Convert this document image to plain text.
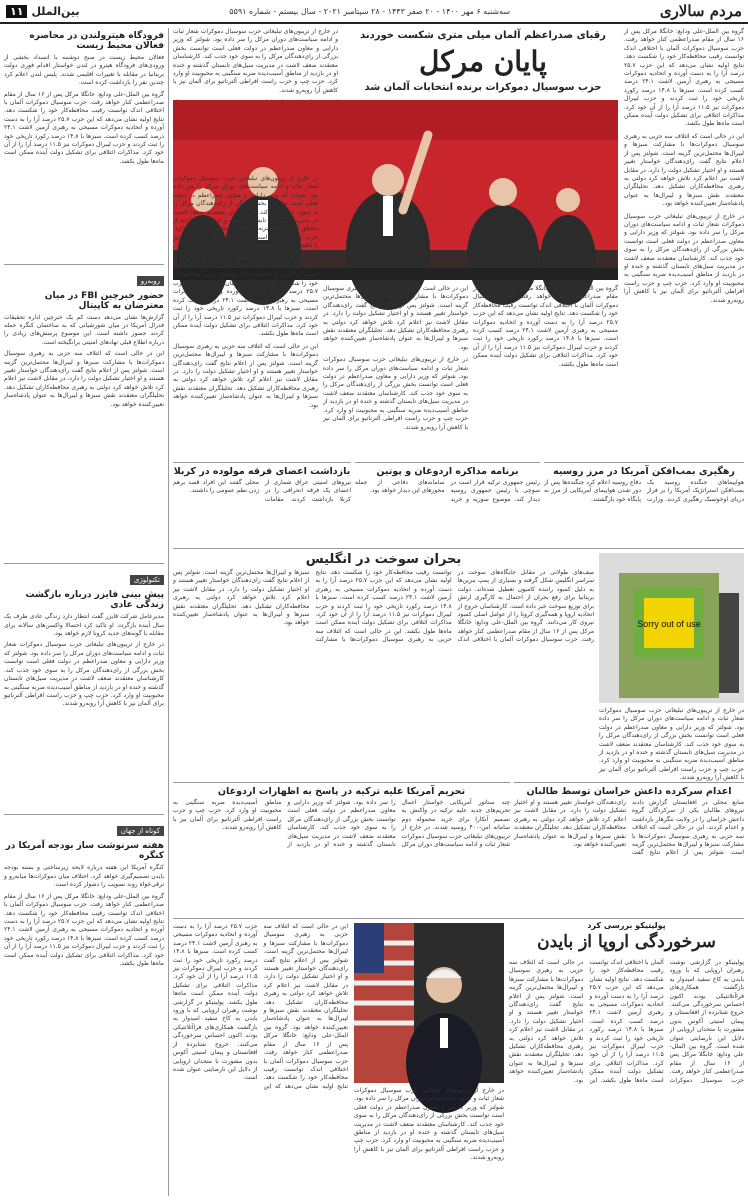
مردم سالاری
سه‌شنبه ۶ مهر ۱۴۰۰ - ۲۰ صفر ۱۴۴۳ - ۲۸ سپتامبر ۲۰۲۱ - سال بیستم - شماره ۵۵۹۱
بین‌الملل
۱۱
گروه بین الملل-علی ودایع: خانگلا مرکل پس از ۱۶ سال از مقام صدراعظمی کنار خواهد رفت. حزب سوسیال دموکرات آلمان با اختلافی اندک توانست رقیب محافظه‌کار خود را شکست دهد. نتایج اولیه نشان می‌دهد که این حزب ۲۵.۷ درصد آرا را به دست آورده و اتحادیه دموکرات مسیحی به رهبری آرمین لاشت ۲۴.۱ درصد کسب کرده است. سبزها با ۱۴.۸ درصد رکورد تاریخی خود را ثبت کردند و حزب لیبرال دموکرات نیز ۱۱.۵ درصد آرا را از آن خود کرد. مذاکرات ائتلافی برای تشکیل دولت آینده ممکن است ماه‌ها طول بکشد.
این در حالی است که ائتلاف سه حزبی به رهبری سوسیال دموکرات‌ها با مشارکت سبزها و لیبرال‌ها محتمل‌ترین گزینه است. شولتز پس از اعلام نتایج گفت رای‌دهندگان خواستار تغییر هستند و او اختیار تشکیل دولت را دارد. در مقابل لاشت نیز اعلام کرد تلاش خواهد کرد دولتی به رهبری محافظه‌کاران تشکیل دهد. تحلیلگران معتقدند نقش سبزها و لیبرال‌ها به عنوان پادشاه‌ساز تعیین‌کننده خواهد بود.
در خارج از تریبون‌های تبلیغاتی حزب سوسیال دموکرات شعار ثبات و ادامه سیاست‌های دوران مرکل را سر داده بود. شولتز که وزیر دارایی و معاون صدراعظم در دولت فعلی است توانست بخش بزرگی از رای‌دهندگان مرکل را به سوی خود جذب کند. کارشناسان معتقدند ضعف لاشت در مدیریت سیل‌های تابستان گذشته و خنده او در بازدید از مناطق آسیب‌دیده ضربه سنگینی به محبوبیت او وارد کرد. حزب چپ و حزب راست افراطی آلترناتیو برای آلمان نیز با کاهش آرا روبه‌رو شدند.
رقبای صدراعظم آلمان میلی متری شکست خوردند
پایان مرکل
حزب سوسیال دموکرات برنده انتخابات آلمان شد
در خارج از تریبون‌های تبلیغاتی حزب سوسیال دموکرات شعار ثبات و ادامه سیاست‌های دوران مرکل را سر داده بود. شولتز که وزیر دارایی و معاون صدراعظم در دولت فعلی است توانست بخش بزرگی از رای‌دهندگان مرکل را به سوی خود جذب کند. کارشناسان معتقدند ضعف لاشت در مدیریت سیل‌های تابستان گذشته و خنده او در بازدید از مناطق آسیب‌دیده ضربه سنگینی به محبوبیت او وارد کرد. حزب چپ و حزب راست افراطی آلترناتیو برای آلمان نیز با کاهش آرا روبه‌رو شدند.
گروه بین الملل-علی ودایع: خانگلا مرکل پس از ۱۶ سال از مقام صدراعظمی کنار خواهد رفت. حزب سوسیال دموکرات آلمان با اختلافی اندک توانست رقیب محافظه‌کار خود را شکست دهد. نتایج اولیه نشان می‌دهد که این حزب ۲۵.۷ درصد آرا را به دست آورده و اتحادیه دموکرات مسیحی به رهبری آرمین لاشت ۲۴.۱ درصد کسب کرده است. سبزها با ۱۴.۸ درصد رکورد تاریخی خود را ثبت کردند و حزب لیبرال دموکرات نیز ۱۱.۵ درصد آرا را از آن خود کرد. مذاکرات ائتلافی برای تشکیل دولت آینده ممکن است ماه‌ها طول بکشد.
این در حالی است که ائتلاف سه حزبی به رهبری سوسیال دموکرات‌ها با مشارکت سبزها و لیبرال‌ها محتمل‌ترین گزینه است. شولتز پس از اعلام نتایج گفت رای‌دهندگان خواستار تغییر هستند و او اختیار تشکیل دولت را دارد. در مقابل لاشت نیز اعلام کرد تلاش خواهد کرد دولتی به رهبری محافظه‌کاران تشکیل دهد. تحلیلگران معتقدند نقش سبزها و لیبرال‌ها به عنوان پادشاه‌ساز تعیین‌کننده خواهد بود.
در خارج از تریبون‌های تبلیغاتی حزب سوسیال دموکرات شعار ثبات و ادامه سیاست‌های دوران مرکل را سر داده بود. شولتز که وزیر دارایی و معاون صدراعظم در دولت فعلی است توانست بخش بزرگی از رای‌دهندگان مرکل را به سوی خود جذب کند. کارشناسان معتقدند ضعف لاشت در مدیریت سیل‌های تابستان گذشته و خنده او در بازدید از مناطق آسیب‌دیده ضربه سنگینی به محبوبیت او وارد کرد. حزب چپ و حزب راست افراطی آلترناتیو برای آلمان نیز با کاهش آرا روبه‌رو شدند.
در خارج از تریبون‌های تبلیغاتی حزب سوسیال دموکرات شعار ثبات و ادامه سیاست‌های دوران مرکل را سر داده بود. شولتز که وزیر دارایی و معاون صدراعظم در دولت فعلی است توانست بخش بزرگی از رای‌دهندگان مرکل را به سوی خود جذب کند. کارشناسان معتقدند ضعف لاشت در مدیریت سیل‌های تابستان گذشته و خنده او در بازدید از مناطق آسیب‌دیده ضربه سنگینی به محبوبیت او وارد کرد. حزب چپ و حزب راست افراطی آلترناتیو برای آلمان نیز با کاهش آرا روبه‌رو شدند.
گروه بین الملل-علی ودایع: خانگلا مرکل پس از ۱۶ سال از مقام صدراعظمی کنار خواهد رفت. حزب سوسیال دموکرات آلمان با اختلافی اندک توانست رقیب محافظه‌کار خود را شکست دهد. نتایج اولیه نشان می‌دهد که این حزب ۲۵.۷ درصد آرا را به دست آورده و اتحادیه دموکرات مسیحی به رهبری آرمین لاشت ۲۴.۱ درصد کسب کرده است. سبزها با ۱۴.۸ درصد رکورد تاریخی خود را ثبت کردند و حزب لیبرال دموکرات نیز ۱۱.۵ درصد آرا را از آن خود کرد. مذاکرات ائتلافی برای تشکیل دولت آینده ممکن است ماه‌ها طول بکشد.
این در حالی است که ائتلاف سه حزبی به رهبری سوسیال دموکرات‌ها با مشارکت سبزها و لیبرال‌ها محتمل‌ترین گزینه است. شولتز پس از اعلام نتایج گفت رای‌دهندگان خواستار تغییر هستند و او اختیار تشکیل دولت را دارد. در مقابل لاشت نیز اعلام کرد تلاش خواهد کرد دولتی به رهبری محافظه‌کاران تشکیل دهد. تحلیلگران معتقدند نقش سبزها و لیبرال‌ها به عنوان پادشاه‌ساز تعیین‌کننده خواهد بود.
فرودگاه هیترولندن در محاصره فعالان محیط زیست
فعالان محیط زیست در صبح دوشنبه با انسداد بخشی از ورودی‌های فرودگاه هیترو در لندن خواستار اقدام فوری دولت بریتانیا در مقابله با تغییرات اقلیمی شدند. پلیس لندن اعلام کرد چندین نفر را بازداشت کرده است.
گروه بین الملل-علی ودایع: خانگلا مرکل پس از ۱۶ سال از مقام صدراعظمی کنار خواهد رفت. حزب سوسیال دموکرات آلمان با اختلافی اندک توانست رقیب محافظه‌کار خود را شکست دهد. نتایج اولیه نشان می‌دهد که این حزب ۲۵.۷ درصد آرا را به دست آورده و اتحادیه دموکرات مسیحی به رهبری آرمین لاشت ۲۴.۱ درصد کسب کرده است. سبزها با ۱۴.۸ درصد رکورد تاریخی خود را ثبت کردند و حزب لیبرال دموکرات نیز ۱۱.۵ درصد آرا را از آن خود کرد. مذاکرات ائتلافی برای تشکیل دولت آینده ممکن است ماه‌ها طول بکشد.
روبه‌رو
حضور خبرچین FBI در میان معترضان به کاپیتال
گزارش‌ها نشان می‌دهد دست کم یک خبرچین اداره تحقیقات فدرال آمریکا در میان شورشیانی که به ساختمان کنگره حمله کردند حضور داشته است. این موضوع پرسش‌های زیادی را درباره اطلاع قبلی نهادهای امنیتی برانگیخته است.
این در حالی است که ائتلاف سه حزبی به رهبری سوسیال دموکرات‌ها با مشارکت سبزها و لیبرال‌ها محتمل‌ترین گزینه است. شولتز پس از اعلام نتایج گفت رای‌دهندگان خواستار تغییر هستند و او اختیار تشکیل دولت را دارد. در مقابل لاشت نیز اعلام کرد تلاش خواهد کرد دولتی به رهبری محافظه‌کاران تشکیل دهد. تحلیلگران معتقدند نقش سبزها و لیبرال‌ها به عنوان پادشاه‌ساز تعیین‌کننده خواهد بود.
تکنولوژی
پیش بینی فایزر درباره بازگشت زندگی عادی
مدیرعامل شرکت فایزر گفت انتظار دارد زندگی عادی ظرف یک سال آینده بازگردد. او تاکید کرد احتمالا واکسن‌های سالانه برای مقابله با گونه‌های جدید کرونا لازم خواهد بود.
در خارج از تریبون‌های تبلیغاتی حزب سوسیال دموکرات شعار ثبات و ادامه سیاست‌های دوران مرکل را سر داده بود. شولتز که وزیر دارایی و معاون صدراعظم در دولت فعلی است توانست بخش بزرگی از رای‌دهندگان مرکل را به سوی خود جذب کند. کارشناسان معتقدند ضعف لاشت در مدیریت سیل‌های تابستان گذشته و خنده او در بازدید از مناطق آسیب‌دیده ضربه سنگینی به محبوبیت او وارد کرد. حزب چپ و حزب راست افراطی آلترناتیو برای آلمان نیز با کاهش آرا روبه‌رو شدند.
کوتاه از جهان
هفته سرنوشت ساز بودجه آمریکا در کنگره
کنگره آمریکا این هفته درباره لایحه زیرساختی و بسته بودجه بایدن تصمیم‌گیری خواهد کرد. اختلاف میان دموکرات‌ها میانه‌رو و ترقی‌خواه روند تصویب را دشوار کرده است.
گروه بین الملل-علی ودایع: خانگلا مرکل پس از ۱۶ سال از مقام صدراعظمی کنار خواهد رفت. حزب سوسیال دموکرات آلمان با اختلافی اندک توانست رقیب محافظه‌کار خود را شکست دهد. نتایج اولیه نشان می‌دهد که این حزب ۲۵.۷ درصد آرا را به دست آورده و اتحادیه دموکرات مسیحی به رهبری آرمین لاشت ۲۴.۱ درصد کسب کرده است. سبزها با ۱۴.۸ درصد رکورد تاریخی خود را ثبت کردند و حزب لیبرال دموکرات نیز ۱۱.۵ درصد آرا را از آن خود کرد. مذاکرات ائتلافی برای تشکیل دولت آینده ممکن است ماه‌ها طول بکشد.
رهگیری بمب‌افکن آمریکا در مرز روسیه
هواپیماهای جنگنده روسیه یک بمب‌افکن استراتژیک آمریکا را بر فراز دریای اوخوتسک رهگیری کردند. وزارت دفاع روسیه اعلام کرد جنگنده‌ها پس از دور شدن هواپیمای آمریکایی از مرز به پایگاه خود بازگشتند.
برنامه مذاکره اردوغان و پوتین
رئیس جمهوری ترکیه قرار است در سوچی با رئیس جمهوری روسیه دیدار کند. موضوع سوریه و خرید سامانه‌های دفاعی از جمله محورهای این دیدار خواهد بود.
بازداشت اعضای فرقه مولوده در کربلا
نیروهای امنیتی عراق شماری از اعضای یک فرقه انحرافی را در کربلا بازداشت کردند. مقامات محلی گفتند این افراد قصد برهم زدن نظم عمومی را داشتند.
بحران سوخت در انگلیس
Sorry out of use
صف‌های طولانی در مقابل جایگاه‌های سوخت در سراسر انگلیس شکل گرفته و بسیاری از پمپ بنزین‌ها به دلیل کمبود راننده کامیون تعطیل شده‌اند. دولت بریتانیا برای رفع بحران از احتمال به کارگیری ارتش برای توزیع سوخت خبر داده است. کارشناسان خروج از اتحادیه اروپا و همه‌گیری کرونا را از عوامل اصلی کمبود نیروی کار می‌دانند. گروه بین الملل-علی ودایع: خانگلا مرکل پس از ۱۶ سال از مقام صدراعظمی کنار خواهد رفت. حزب سوسیال دموکرات آلمان با اختلافی اندک توانست رقیب محافظه‌کار خود را شکست دهد. نتایج اولیه نشان می‌دهد که این حزب ۲۵.۷ درصد آرا را به دست آورده و اتحادیه دموکرات مسیحی به رهبری آرمین لاشت ۲۴.۱ درصد کسب کرده است. سبزها با ۱۴.۸ درصد رکورد تاریخی خود را ثبت کردند و حزب لیبرال دموکرات نیز ۱۱.۵ درصد آرا را از آن خود کرد. مذاکرات ائتلافی برای تشکیل دولت آینده ممکن است ماه‌ها طول بکشد. این در حالی است که ائتلاف سه حزبی به رهبری سوسیال دموکرات‌ها با مشارکت سبزها و لیبرال‌ها محتمل‌ترین گزینه است. شولتز پس از اعلام نتایج گفت رای‌دهندگان خواستار تغییر هستند و او اختیار تشکیل دولت را دارد. در مقابل لاشت نیز اعلام کرد تلاش خواهد کرد دولتی به رهبری محافظه‌کاران تشکیل دهد. تحلیلگران معتقدند نقش سبزها و لیبرال‌ها به عنوان پادشاه‌ساز تعیین‌کننده خواهد بود.
در خارج از تریبون‌های تبلیغاتی حزب سوسیال دموکرات شعار ثبات و ادامه سیاست‌های دوران مرکل را سر داده بود. شولتز که وزیر دارایی و معاون صدراعظم در دولت فعلی است توانست بخش بزرگی از رای‌دهندگان مرکل را به سوی خود جذب کند. کارشناسان معتقدند ضعف لاشت در مدیریت سیل‌های تابستان گذشته و خنده او در بازدید از مناطق آسیب‌دیده ضربه سنگینی به محبوبیت او وارد کرد. حزب چپ و حزب راست افراطی آلترناتیو برای آلمان نیز با کاهش آرا روبه‌رو شدند.
اعدام سرکرده داعش خراسان توسط طالبان
منابع محلی در افغانستان گزارش دادند نیروهای طالبان یکی از سرکردگان گروه داعش خراسان را در ولایت ننگرهار بازداشت و اعدام کردند. این در حالی است که ائتلاف سه حزبی به رهبری سوسیال دموکرات‌ها با مشارکت سبزها و لیبرال‌ها محتمل‌ترین گزینه است. شولتز پس از اعلام نتایج گفت رای‌دهندگان خواستار تغییر هستند و او اختیار تشکیل دولت را دارد. در مقابل لاشت نیز اعلام کرد تلاش خواهد کرد دولتی به رهبری محافظه‌کاران تشکیل دهد. تحلیلگران معتقدند نقش سبزها و لیبرال‌ها به عنوان پادشاه‌ساز تعیین‌کننده خواهد بود.
تحریم آمریکا علیه ترکیه در پاسخ به اظهارات اردوغان
چند سناتور آمریکایی خواستار اعمال تحریم‌های جدید علیه ترکیه در واکنش به تصمیم آنکارا برای خرید محموله دوم سامانه اس-۴۰۰ روسیه شدند. در خارج از تریبون‌های تبلیغاتی حزب سوسیال دموکرات شعار ثبات و ادامه سیاست‌های دوران مرکل را سر داده بود. شولتز که وزیر دارایی و معاون صدراعظم در دولت فعلی است توانست بخش بزرگی از رای‌دهندگان مرکل را به سوی خود جذب کند. کارشناسان معتقدند ضعف لاشت در مدیریت سیل‌های تابستان گذشته و خنده او در بازدید از مناطق آسیب‌دیده ضربه سنگینی به محبوبیت او وارد کرد. حزب چپ و حزب راست افراطی آلترناتیو برای آلمان نیز با کاهش آرا روبه‌رو شدند.
پولیتیکو بررسی کرد
سرخوردگی اروپا از بایدن
پولیتیکو در گزارشی نوشت رهبران اروپایی که با ورود بایدن به کاخ سفید امیدوار به بازگشت همکاری‌های فراآتلانتیکی بودند اکنون احساس سرخوردگی می‌کنند. خروج شتابزده از افغانستان و پیمان امنیتی آکوس بدون مشورت با متحدان اروپایی از دلایل این نارضایتی عنوان شده است. گروه بین الملل-علی ودایع: خانگلا مرکل پس از ۱۶ سال از مقام صدراعظمی کنار خواهد رفت. حزب سوسیال دموکرات آلمان با اختلافی اندک توانست رقیب محافظه‌کار خود را شکست دهد. نتایج اولیه نشان می‌دهد که این حزب ۲۵.۷ درصد آرا را به دست آورده و اتحادیه دموکرات مسیحی به رهبری آرمین لاشت ۲۴.۱ درصد کسب کرده است. سبزها با ۱۴.۸ درصد رکورد تاریخی خود را ثبت کردند و حزب لیبرال دموکرات نیز ۱۱.۵ درصد آرا را از آن خود کرد. مذاکرات ائتلافی برای تشکیل دولت آینده ممکن است ماه‌ها طول بکشد. این در حالی است که ائتلاف سه حزبی به رهبری سوسیال دموکرات‌ها با مشارکت سبزها و لیبرال‌ها محتمل‌ترین گزینه است. شولتز پس از اعلام نتایج گفت رای‌دهندگان خواستار تغییر هستند و او اختیار تشکیل دولت را دارد. در مقابل لاشت نیز اعلام کرد تلاش خواهد کرد دولتی به رهبری محافظه‌کاران تشکیل دهد. تحلیلگران معتقدند نقش سبزها و لیبرال‌ها به عنوان پادشاه‌ساز تعیین‌کننده خواهد بود.
در خارج از تریبون‌های تبلیغاتی حزب سوسیال دموکرات شعار ثبات و ادامه سیاست‌های دوران مرکل را سر داده بود. شولتز که وزیر دارایی و معاون صدراعظم در دولت فعلی است توانست بخش بزرگی از رای‌دهندگان مرکل را به سوی خود جذب کند. کارشناسان معتقدند ضعف لاشت در مدیریت سیل‌های تابستان گذشته و خنده او در بازدید از مناطق آسیب‌دیده ضربه سنگینی به محبوبیت او وارد کرد. حزب چپ و حزب راست افراطی آلترناتیو برای آلمان نیز با کاهش آرا روبه‌رو شدند.
این در حالی است که ائتلاف سه حزبی به رهبری سوسیال دموکرات‌ها با مشارکت سبزها و لیبرال‌ها محتمل‌ترین گزینه است. شولتز پس از اعلام نتایج گفت رای‌دهندگان خواستار تغییر هستند و او اختیار تشکیل دولت را دارد. در مقابل لاشت نیز اعلام کرد تلاش خواهد کرد دولتی به رهبری محافظه‌کاران تشکیل دهد. تحلیلگران معتقدند نقش سبزها و لیبرال‌ها به عنوان پادشاه‌ساز تعیین‌کننده خواهد بود. گروه بین الملل-علی ودایع: خانگلا مرکل پس از ۱۶ سال از مقام صدراعظمی کنار خواهد رفت. حزب سوسیال دموکرات آلمان با اختلافی اندک توانست رقیب محافظه‌کار خود را شکست دهد. نتایج اولیه نشان می‌دهد که این حزب ۲۵.۷ درصد آرا را به دست آورده و اتحادیه دموکرات مسیحی به رهبری آرمین لاشت ۲۴.۱ درصد کسب کرده است. سبزها با ۱۴.۸ درصد رکورد تاریخی خود را ثبت کردند و حزب لیبرال دموکرات نیز ۱۱.۵ درصد آرا را از آن خود کرد. مذاکرات ائتلافی برای تشکیل دولت آینده ممکن است ماه‌ها طول بکشد. پولیتیکو در گزارشی نوشت رهبران اروپایی که با ورود بایدن به کاخ سفید امیدوار به بازگشت همکاری‌های فراآتلانتیکی بودند اکنون احساس سرخوردگی می‌کنند. خروج شتابزده از افغانستان و پیمان امنیتی آکوس بدون مشورت با متحدان اروپایی از دلایل این نارضایتی عنوان شده است.
